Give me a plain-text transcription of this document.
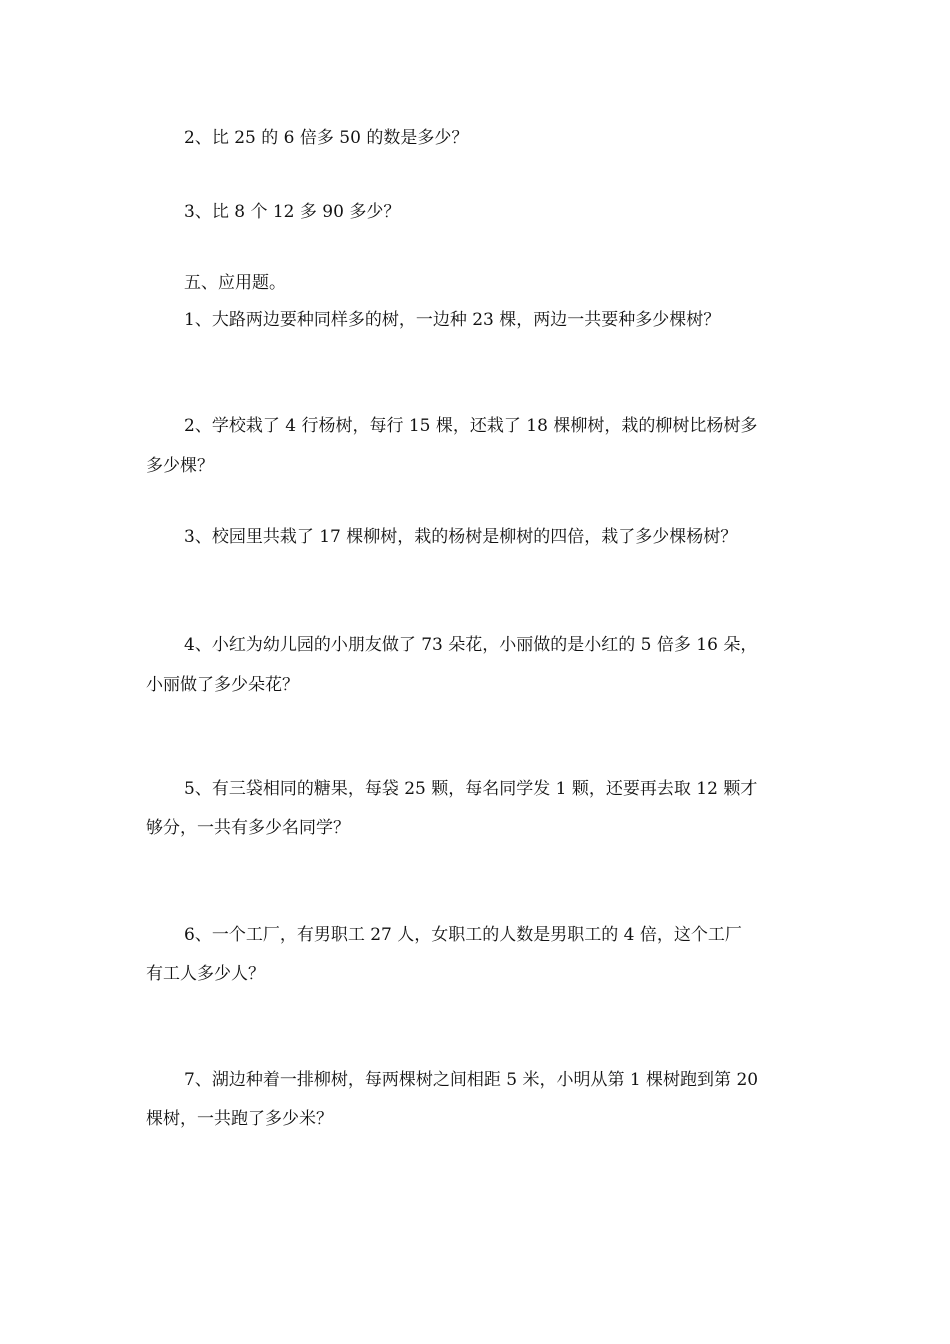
2、比 25 的 6 倍多 50 的数是多少？
3、比 8 个 12 多 90 多少？
五、应用题。
1、大路两边要种同样多的树，一边种 23 棵，两边一共要种多少棵树？
2、学校栽了 4 行杨树，每行 15 棵，还栽了 18 棵柳树，栽的柳树比杨树多
多少棵？
3、校园里共栽了 17 棵柳树，栽的杨树是柳树的四倍，栽了多少棵杨树？
4、小红为幼儿园的小朋友做了 73 朵花，小丽做的是小红的 5 倍多 16 朵，
小丽做了多少朵花？
5、有三袋相同的糖果，每袋 25 颗，每名同学发 1 颗，还要再去取 12 颗才
够分，一共有多少名同学？
6、一个工厂，有男职工 27 人，女职工的人数是男职工的 4 倍，这个工厂
有工人多少人？
7、湖边种着一排柳树，每两棵树之间相距 5 米，小明从第 1 棵树跑到第 20
棵树，一共跑了多少米？
